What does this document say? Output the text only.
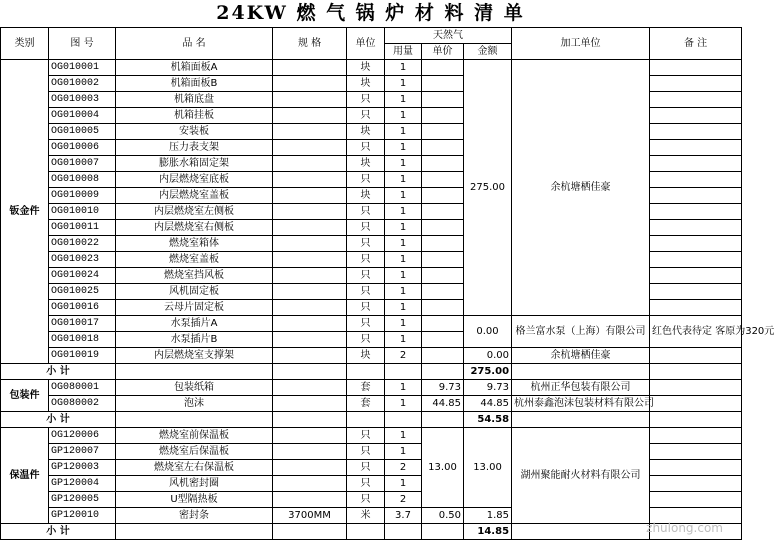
24KW 燃 气 锅 炉 材 料 清 单
类别	图 号	品 名	规 格	单位	天然气			加工单位	备 注
					用量	单价	金额		
钣金件	OG010001	机箱面板A		块	1		275.00	余杭塘栖佳豪	
	OG010002	机箱面板B		块	1				
	OG010003	机箱底盘		只	1				
	OG010004	机箱挂板		只	1				
	OG010005	安装板		块	1				
	OG010006	压力表支架		只	1				
	OG010007	膨胀水箱固定架		块	1				
	OG010008	内层燃烧室底板		只	1				
	OG010009	内层燃烧室盖板		块	1				
	OG010010	内层燃烧室左侧板		只	1				
	OG010011	内层燃烧室右侧板		只	1				
	OG010022	燃烧室箱体		只	1				
	OG010023	燃烧室盖板		只	1				
	OG010024	燃烧室挡风板		只	1				
	OG010025	风机固定板		只	1				
	OG010016	云母片固定板		只	1				
	OG010017	水泵插片A		只	1		0.00	格兰富水泵（上海）有限公司	红色代表待定 客原为320元
	OG010018	水泵插片B		只	1				
	OG010019	内层燃烧室支撑架		块	2		0.00	余杭塘栖佳豪	
小 计							275.00		
包装件	OG080001	包装纸箱		套	1	9.73	9.73	杭州正华包装有限公司	
	OG080002	泡沫		套	1	44.85	44.85	杭州泰鑫泡沫包装材料有限公司	
小 计							54.58		
保温件	OG120006	燃烧室前保温板		只	1	13.00	13.00	湖州聚能耐火材料有限公司	
	GP120007	燃烧室后保温板		只	1				
	GP120003	燃烧室左右保温板		只	2				
	GP120004	风机密封圈		只	1				
	GP120005	U型隔热板		只	2				
	GP120010	密封条	3700MM	米	3.7	0.50	1.85		
小 计							14.85			zhulong.com
